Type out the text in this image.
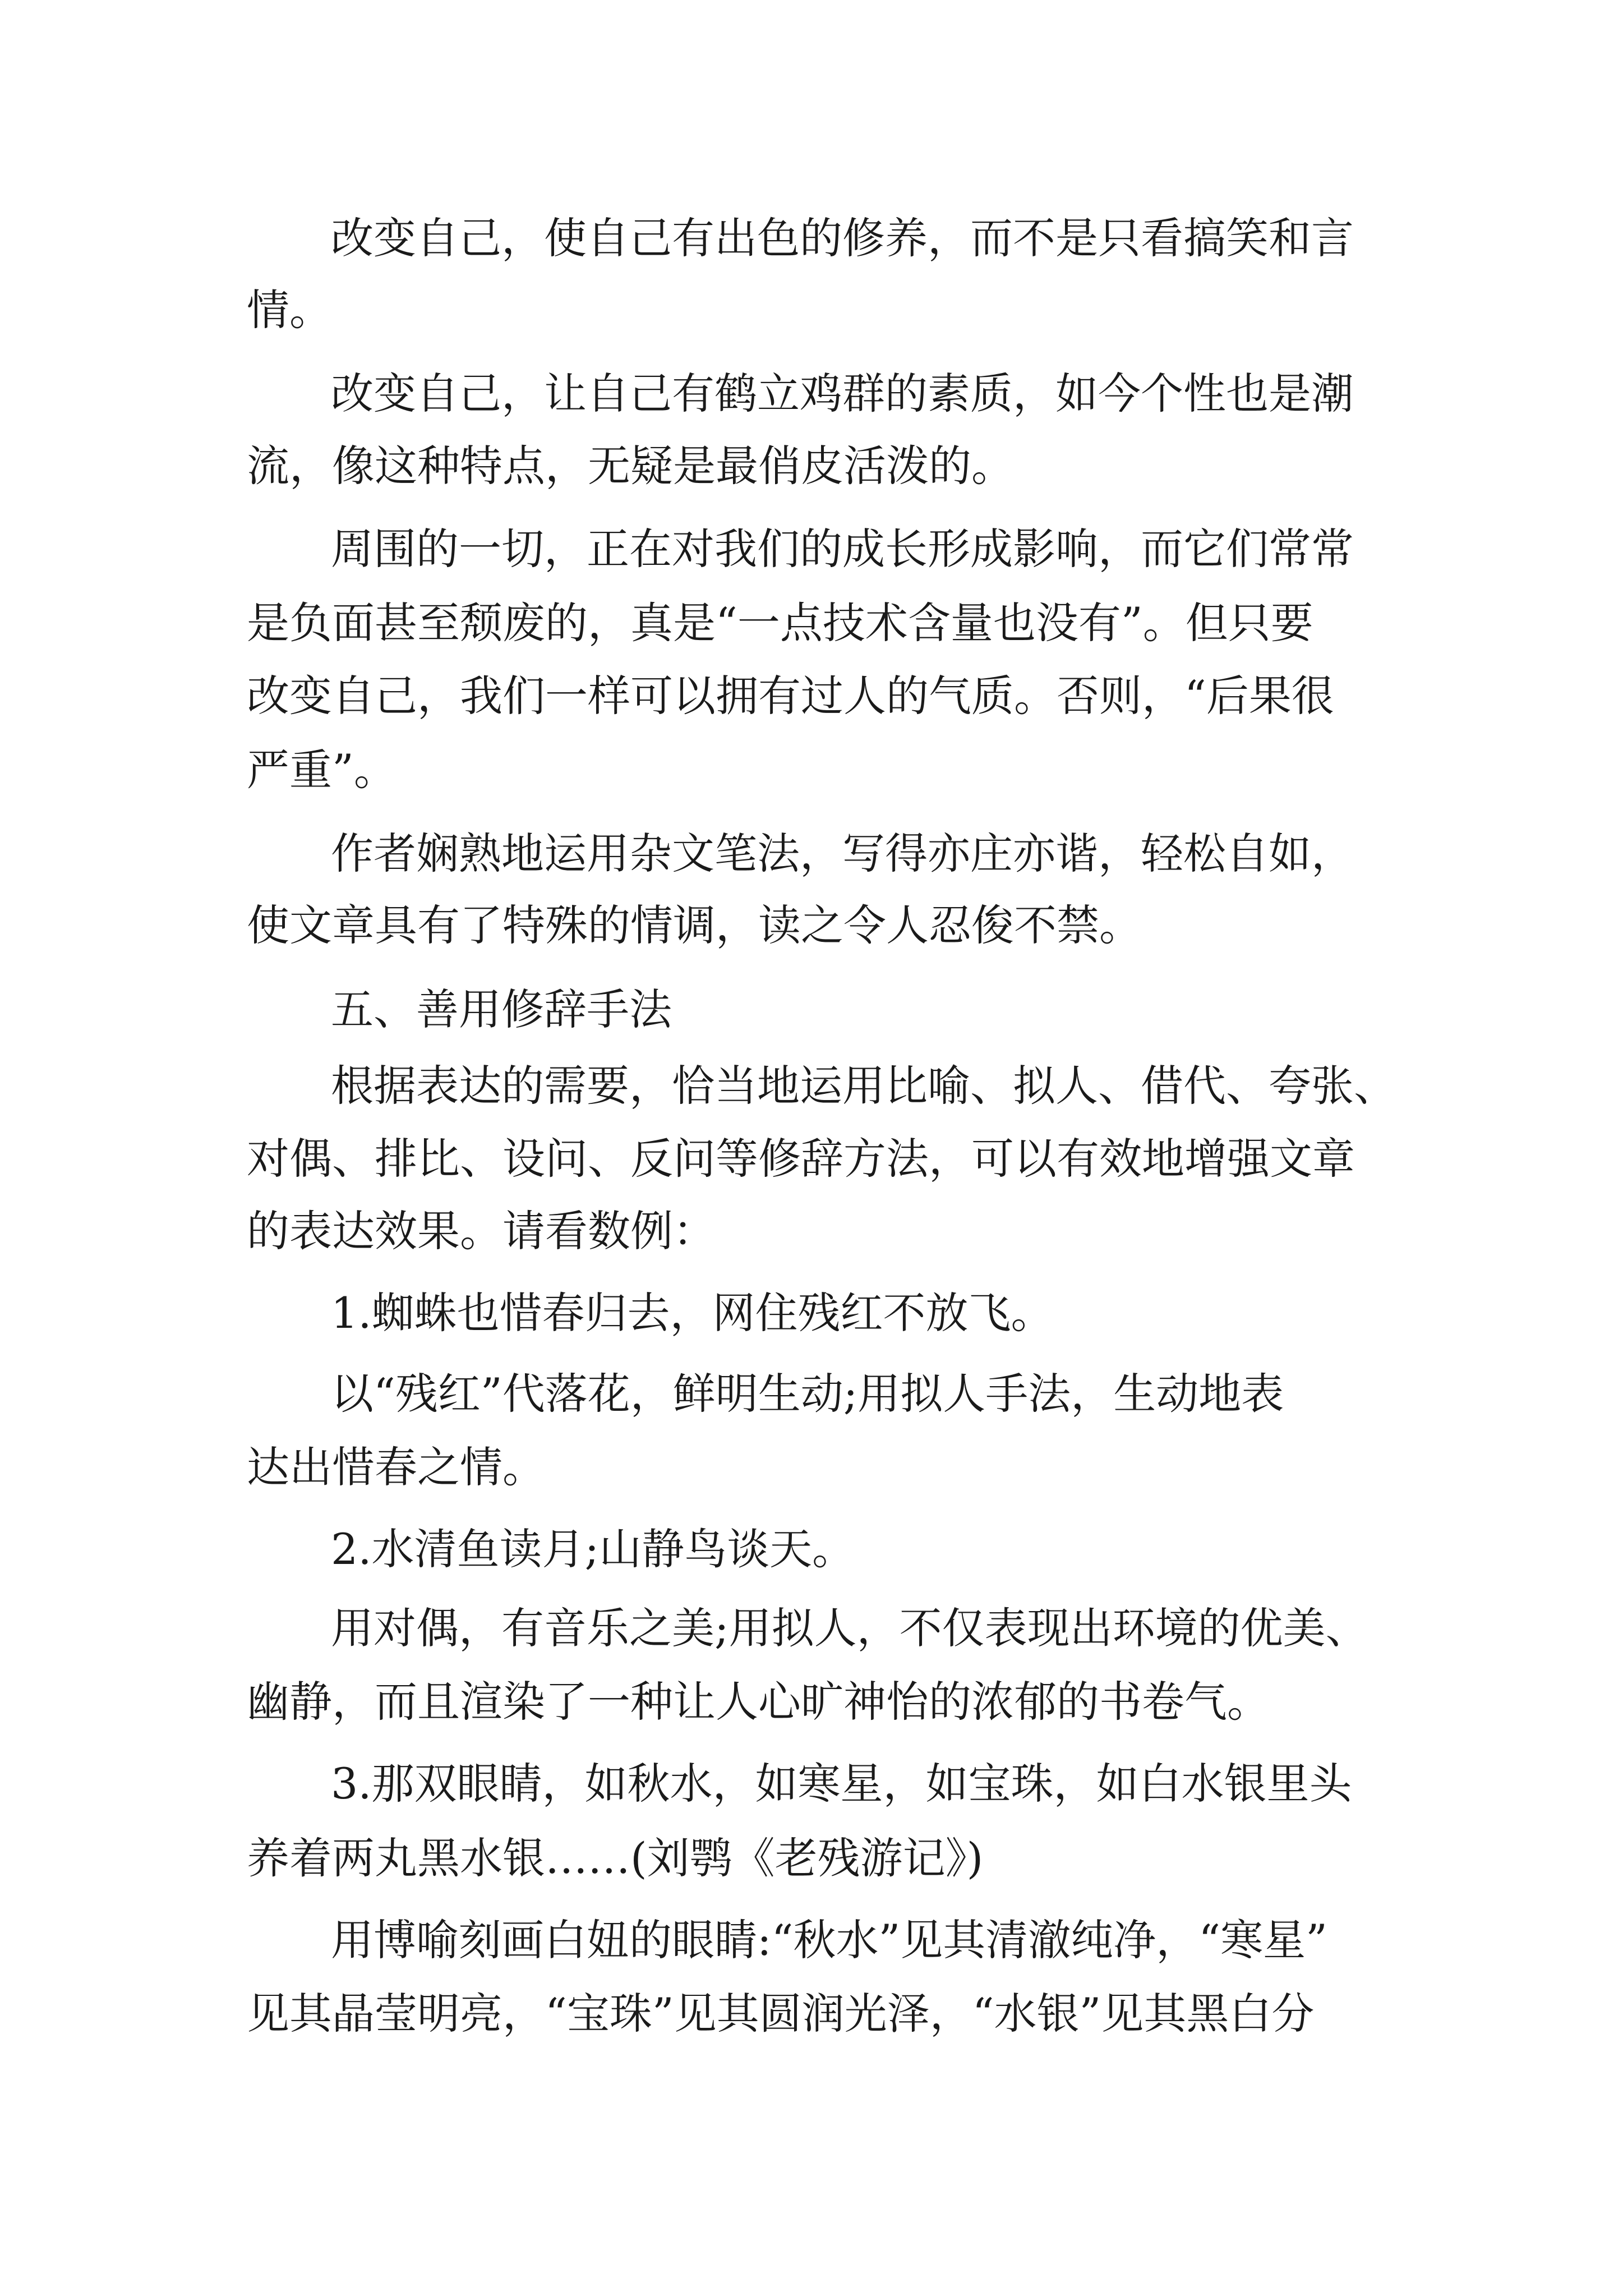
改变自己，使自己有出色的修养，而不是只看搞笑和言
情。
改变自己，让自己有鹤立鸡群的素质，如今个性也是潮
流，像这种特点，无疑是最俏皮活泼的。
周围的一切，正在对我们的成长形成影响，而它们常常
是负面甚至颓废的，真是“一点技术含量也没有”。但只要
改变自己，我们一样可以拥有过人的气质。否则，“后果很
严重”。
作者娴熟地运用杂文笔法，写得亦庄亦谐，轻松自如，
使文章具有了特殊的情调，读之令人忍俊不禁。
五、善用修辞手法
根据表达的需要，恰当地运用比喻、拟人、借代、夸张、
对偶、排比、设问、反问等修辞方法，可以有效地增强文章
的表达效果。请看数例：
1.蜘蛛也惜春归去，网住残红不放飞。
以“残红”代落花，鲜明生动;用拟人手法，生动地表
达出惜春之情。
2.水清鱼读月;山静鸟谈天。
用对偶，有音乐之美;用拟人，不仅表现出环境的优美、
幽静，而且渲染了一种让人心旷神怡的浓郁的书卷气。
3.那双眼睛，如秋水，如寒星，如宝珠，如白水银里头
养着两丸黑水银……(刘鹗《老残游记》)
用博喻刻画白妞的眼睛:“秋水”见其清澈纯净，“寒星”
见其晶莹明亮，“宝珠”见其圆润光泽，“水银”见其黑白分
